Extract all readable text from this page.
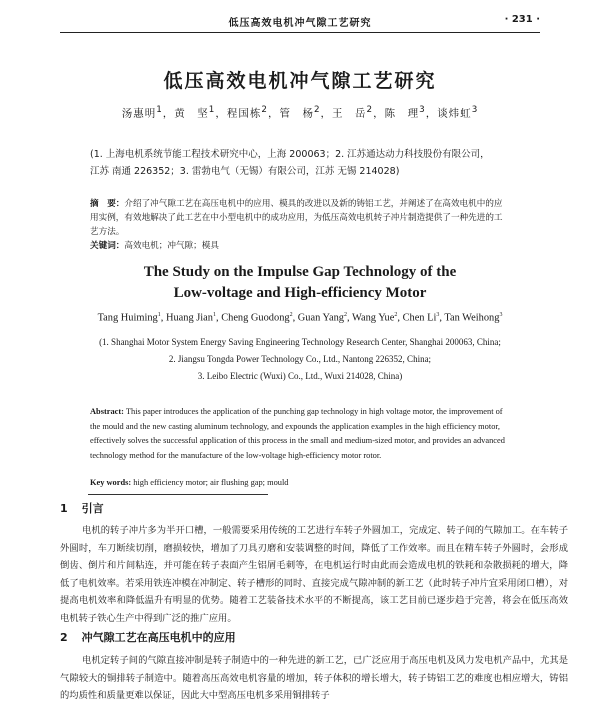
低压高效电机冲气隙工艺研究	· 231 ·
低压高效电机冲气隙工艺研究
汤惠明$^1$，黄　坚$^1$，程国栋$^2$，管　杨$^2$，王　岳$^2$，陈　理$^3$，谈炜虹$^3$
(1. 上海电机系统节能工程技术研究中心，上海 200063；2. 江苏通达动力科技股份有限公司，
江苏 南通 226352；3. 雷勃电气（无锡）有限公司，江苏 无锡 214028)
摘　要：介绍了冲气隙工艺在高压电机中的应用、模具的改进以及新的铸铝工艺，并阐述了在高效电机中的应用实例，有效地解决了此工艺在中小型电机中的成功应用，为低压高效电机转子冲片制造提供了一种先进的工艺方法。
关键词：高效电机；冲气隙；模具
The Study on the Impulse Gap Technology of the
Low-voltage and High-efficiency Motor
Tang Huiming$^1$, Huang Jian$^1$, Cheng Guodong$^2$, Guan Yang$^2$, Wang Yue$^2$, Chen Li$^3$, Tan Weihong$^3$
(1. Shanghai Motor System Energy Saving Engineering Technology Research Center, Shanghai 200063, China;
2. Jiangsu Tongda Power Technology Co., Ltd., Nantong 226352, China;
3. Leibo Electric (Wuxi) Co., Ltd., Wuxi 214028, China)
Abstract: This paper introduces the application of the punching gap technology in high voltage motor, the improvement of the mould and the new casting aluminum technology, and expounds the application examples in the high efficiency motor, effectively solves the successful application of this process in the small and medium-sized motor, and provides an advanced technology method for the manufacture of the low-voltage high-efficiency motor rotor.
Key words: high efficiency motor; air flushing gap; mould
1 引言
电机的转子冲片多为半开口槽，一般需要采用传统的工艺进行车转子外圆加工，完成定、转子间的气隙加工。在车转子外圆时，车刀断续切削，磨损较快，增加了刀具刃磨和安装调整的时间，降低了工作效率。而且在精车转子外圆时，会形成倒齿、倒片和片间粘连，并可能在转子表面产生铝屑毛刺等，在电机运行时由此而会造成电机的铁耗和杂散损耗的增大，降低了电机效率。若采用铁连冲模在冲制定、转子槽形的同时、直接完成气隙冲制的新工艺（此时转子冲片宜采用闭口槽），对提高电机效率和降低温升有明显的优势。随着工艺装备技术水平的不断提高，该工艺目前已逐步趋于完善，将会在低压高效电机转子铁心生产中得到广泛的推广应用。
2 冲气隙工艺在高压电机中的应用
电机定转子间的气隙直接冲制是转子制造中的一种先进的新工艺，已广泛应用于高压电机及风力发电机产品中，尤其是气隙较大的铜排转子制造中。随着高压高效电机容量的增加，转子体积的增长增大，转子铸铝工艺的难度也相应增大，铸铝的均质性和质量更难以保证，因此大中型高压电机多采用铜排转子
